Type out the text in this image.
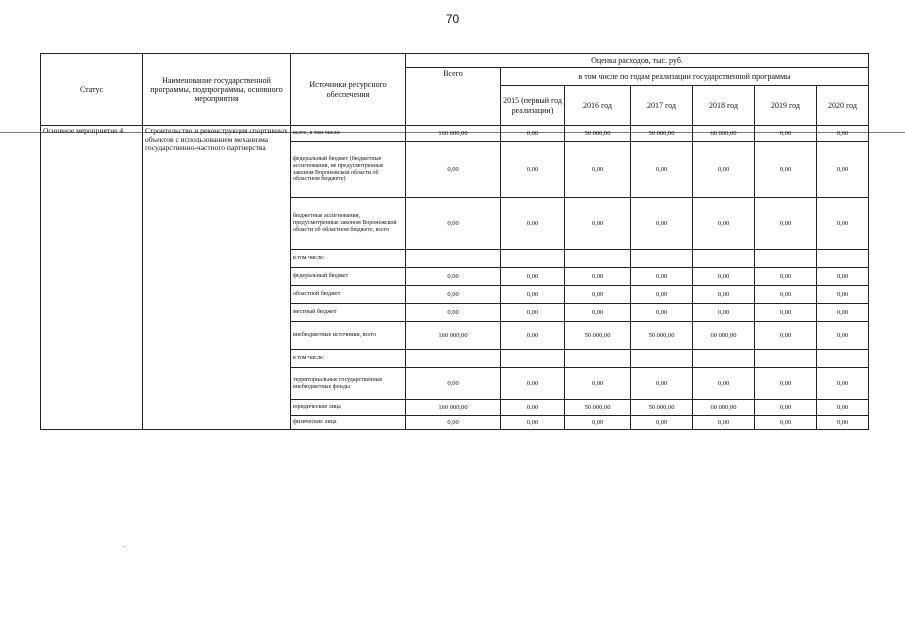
70
Статус	Наименование государственной программы, подпрограммы, основного мероприятия	Источники ресурсного обеспечения	Оценка расходов, тыс. руб.						
			Всего	в том числе по годам реализации государственной программы					
				2015 (первый год реализации)	2016 год	2017 год	2018 год	2019 год	2020 год
Основное мероприятие 4	Строительство и реконструкция спортивных объектов с использованием механизма государственно-частного партнерства	всего, в том числе:	160 000,00	0,00	50 000,00	50 000,00	60 000,00	0,00	0,00
		федеральный бюджет (бюджетные ассигнования, не предусмотренные законом Воронежской области об областном бюджете)	0,00	0,00	0,00	0,00	0,00	0,00	0,00
		бюджетные ассигнования, предусмотренные законом Воронежской области об областном бюджете, всего	0,00	0,00	0,00	0,00	0,00	0,00	0,00
		в том числе:							
		федеральный бюджет	0,00	0,00	0,00	0,00	0,00	0,00	0,00
		областной бюджет	0,00	0,00	0,00	0,00	0,00	0,00	0,00
		местный бюджет	0,00	0,00	0,00	0,00	0,00	0,00	0,00
		внебюджетные источники, всего	160 000,00	0,00	50 000,00	50 000,00	60 000,00	0,00	0,00
		в том числе:							
		территориальные государственные внебюджетные фонды	0,00	0,00	0,00	0,00	0,00	0,00	0,00
		юридические лица	160 000,00	0,00	50 000,00	50 000,00	60 000,00	0,00	0,00
		физические лица	0,00	0,00	0,00	0,00	0,00	0,00	0,00
